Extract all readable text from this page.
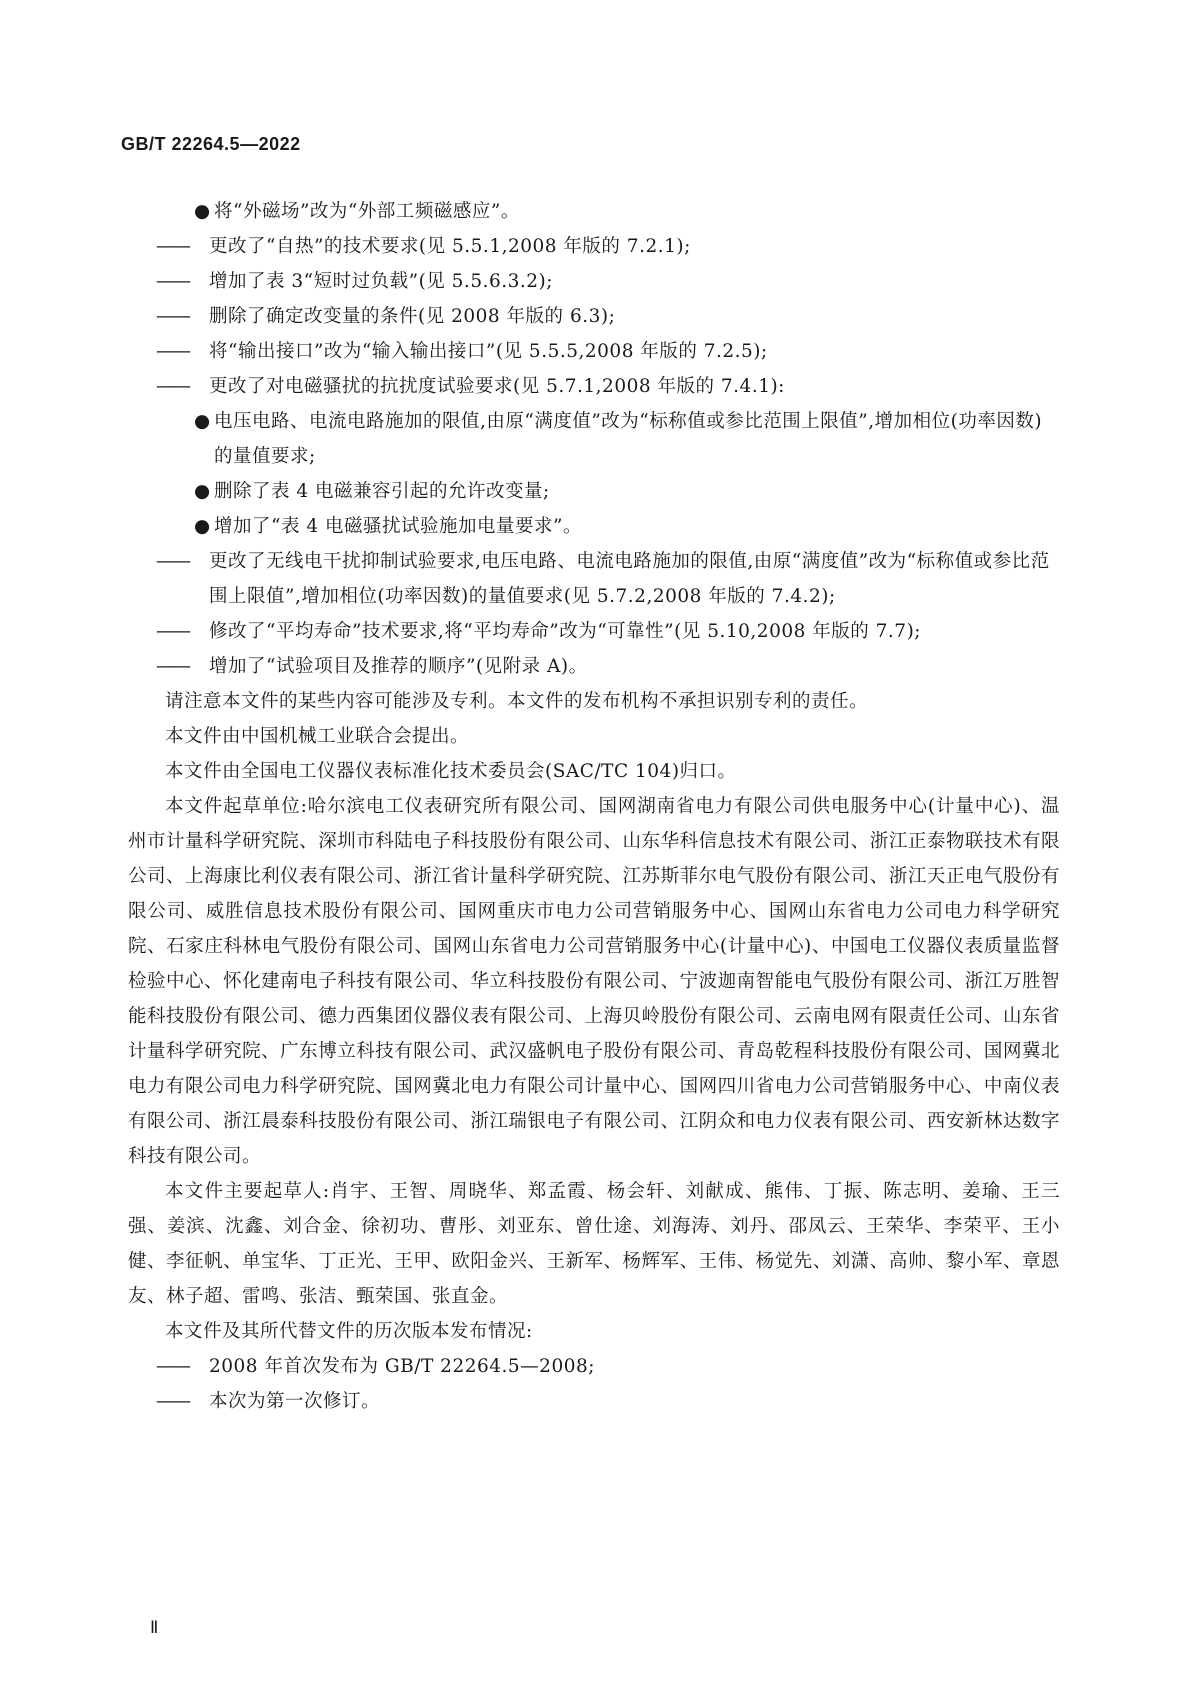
GB/T 22264.5—2022
● 将“外磁场”改为“外部工频磁感应”。
—— 更改了“自热”的技术要求(见 5.5.1,2008 年版的 7.2.1);
—— 增加了表 3“短时过负载”(见 5.5.6.3.2);
—— 删除了确定改变量的条件(见 2008 年版的 6.3);
—— 将“输出接口”改为“输入输出接口”(见 5.5.5,2008 年版的 7.2.5);
—— 更改了对电磁骚扰的抗扰度试验要求(见 5.7.1,2008 年版的 7.4.1):
● 电压电路、电流电路施加的限值,由原“满度值”改为“标称值或参比范围上限值”,增加相位(功率因数)的量值要求;
● 删除了表 4 电磁兼容引起的允许改变量;
● 增加了“表 4 电磁骚扰试验施加电量要求”。
—— 更改了无线电干扰抑制试验要求,电压电路、电流电路施加的限值,由原“满度值”改为“标称值或参比范围上限值”,增加相位(功率因数)的量值要求(见 5.7.2,2008 年版的 7.4.2);
—— 修改了“平均寿命”技术要求,将“平均寿命”改为“可靠性”(见 5.10,2008 年版的 7.7);
—— 增加了“试验项目及推荐的顺序”(见附录 A)。
请注意本文件的某些内容可能涉及专利。本文件的发布机构不承担识别专利的责任。
本文件由中国机械工业联合会提出。
本文件由全国电工仪器仪表标准化技术委员会(SAC/TC 104)归口。
本文件起草单位:哈尔滨电工仪表研究所有限公司、国网湖南省电力有限公司供电服务中心(计量中心)、温州市计量科学研究院、深圳市科陆电子科技股份有限公司、山东华科信息技术有限公司、浙江正泰物联技术有限公司、上海康比利仪表有限公司、浙江省计量科学研究院、江苏斯菲尔电气股份有限公司、浙江天正电气股份有限公司、威胜信息技术股份有限公司、国网重庆市电力公司营销服务中心、国网山东省电力公司电力科学研究院、石家庄科林电气股份有限公司、国网山东省电力公司营销服务中心(计量中心)、中国电工仪器仪表质量监督检验中心、怀化建南电子科技有限公司、华立科技股份有限公司、宁波迦南智能电气股份有限公司、浙江万胜智能科技股份有限公司、德力西集团仪器仪表有限公司、上海贝岭股份有限公司、云南电网有限责任公司、山东省计量科学研究院、广东博立科技有限公司、武汉盛帆电子股份有限公司、青岛乾程科技股份有限公司、国网冀北电力有限公司电力科学研究院、国网冀北电力有限公司计量中心、国网四川省电力公司营销服务中心、中南仪表有限公司、浙江晨泰科技股份有限公司、浙江瑞银电子有限公司、江阴众和电力仪表有限公司、西安新林达数字科技有限公司。
本文件主要起草人:肖宇、王智、周晓华、郑孟霞、杨会轩、刘献成、熊伟、丁振、陈志明、姜瑜、王三强、姜滨、沈鑫、刘合金、徐初功、曹彤、刘亚东、曾仕途、刘海涛、刘丹、邵凤云、王荣华、李荣平、王小健、李征帆、单宝华、丁正光、王甲、欧阳金兴、王新军、杨辉军、王伟、杨觉先、刘潇、高帅、黎小军、章恩友、林子超、雷鸣、张洁、甄荣国、张直金。
本文件及其所代替文件的历次版本发布情况:
—— 2008 年首次发布为 GB/T 22264.5—2008;
—— 本次为第一次修订。
Ⅱ
